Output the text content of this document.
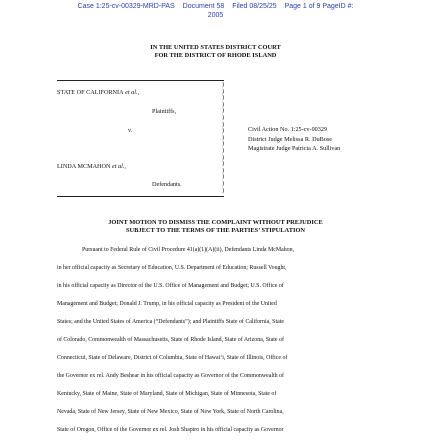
Case 1:25-cv-00329-MRD-PAS Document 58 Filed 08/25/25 Page 1 of 9 PageID #:
2005
IN THE UNITED STATES DISTRICT COURT
FOR THE DISTRICT OF RHODE ISLAND
STATE OF CALIFORNIA et al.,
Plaintiffs,
v.
LINDA MCMAHON et al.,
Defendants.
)
)
)
)
)
)
)
)
)
)
)
)
)
)
)
)
)
Civil Action No. 1:25-cv-00329
District Judge Melissa R. DuBose
Magistrate Judge Patricia A. Sullivan
JOINT MOTION TO DISMISS THE COMPLAINT WITHOUT PREJUDICE
SUBJECT TO THE TERMS OF THE PARTIES’ STIPULATION
Pursuant to Federal Rule of Civil Procedure 41(a)(1)(A)(ii), Defendants Linda McMahon,
in her official capacity as Secretary of Education, U.S. Department of Education; Russell Vought,
in his official capacity as Director of the U.S. Office of Management and Budget; U.S. Office of
Management and Budget; Donald J. Trump, in his official capacity as President of the United
States; and the United States of America (“Defendants”); and Plaintiffs State of California, State
of Colorado, Commonwealth of Massachusetts, State of Rhode Island, State of Arizona, State of
Connecticut, State of Delaware, District of Columbia, State of Hawai‘i, State of Illinois, Office of
the Governor ex rel. Andy Beshear in his official capacity as Governor of the Commonwealth of
Kentucky, State of Maine, State of Maryland, State of Michigan, State of Minnesota, State of
Nevada, State of New Jersey, State of New Mexico, State of New York, State of North Carolina,
State of Oregon, Office of the Governor ex rel. Josh Shapiro in his official capacity as Governor
